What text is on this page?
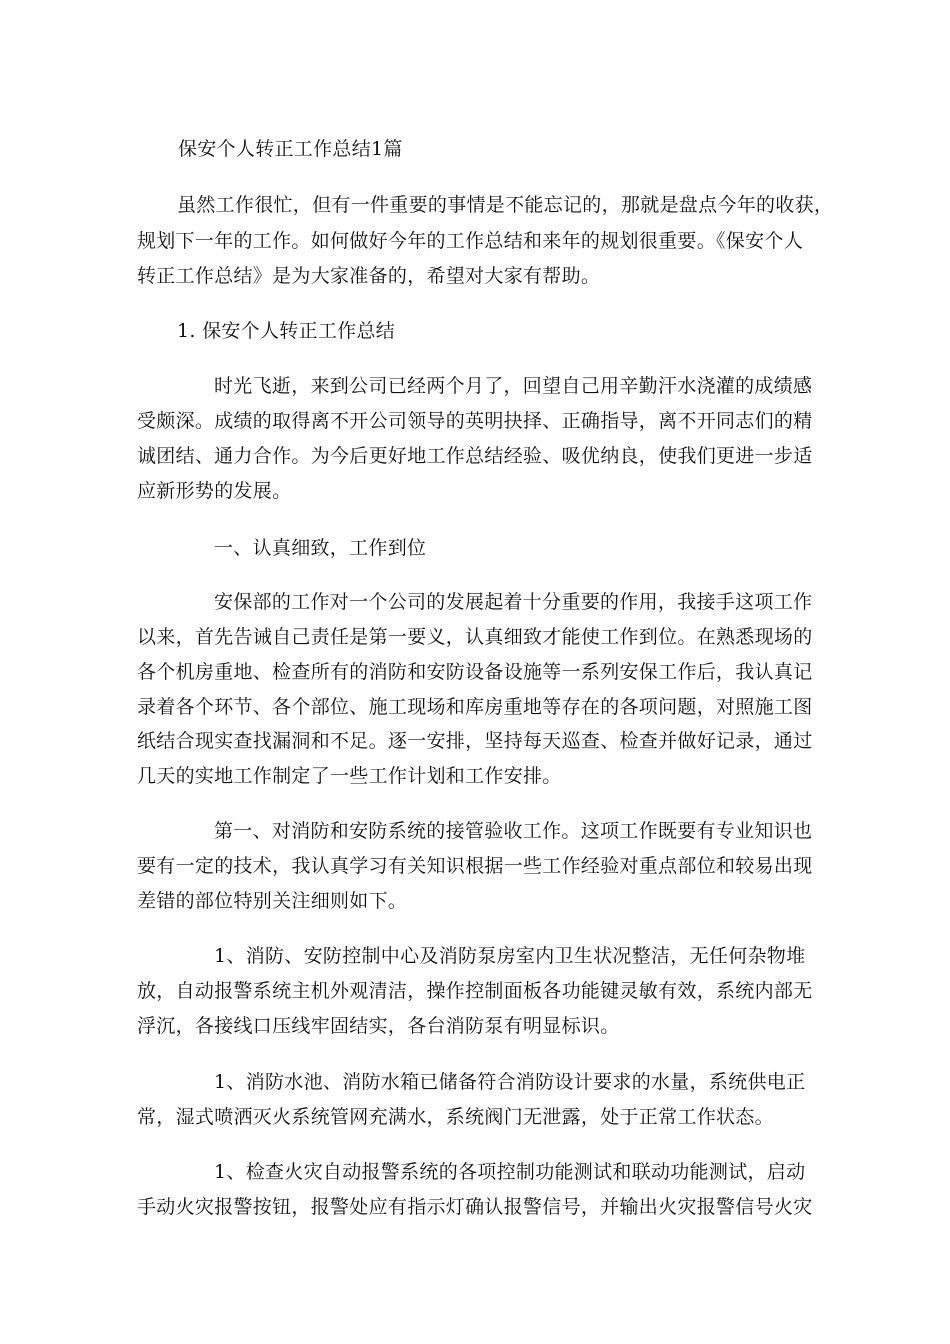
保安个人转正工作总结1篇
虽然工作很忙，但有一件重要的事情是不能忘记的，那就是盘点今年的收获，
规划下一年的工作。如何做好今年的工作总结和来年的规划很重要。《保安个人
转正工作总结》是为大家准备的，希望对大家有帮助。
1. 保安个人转正工作总结
时光飞逝，来到公司已经两个月了，回望自己用辛勤汗水浇灌的成绩感
受颇深。成绩的取得离不开公司领导的英明抉择、正确指导，离不开同志们的精
诚团结、通力合作。为今后更好地工作总结经验、吸优纳良，使我们更进一步适
应新形势的发展。
一、认真细致，工作到位
安保部的工作对一个公司的发展起着十分重要的作用，我接手这项工作
以来，首先告诫自己责任是第一要义，认真细致才能使工作到位。在熟悉现场的
各个机房重地、检查所有的消防和安防设备设施等一系列安保工作后，我认真记
录着各个环节、各个部位、施工现场和库房重地等存在的各项问题，对照施工图
纸结合现实查找漏洞和不足。逐一安排，坚持每天巡查、检查并做好记录，通过
几天的实地工作制定了一些工作计划和工作安排。
第一、对消防和安防系统的接管验收工作。这项工作既要有专业知识也
要有一定的技术，我认真学习有关知识根据一些工作经验对重点部位和较易出现
差错的部位特别关注细则如下。
1、消防、安防控制中心及消防泵房室内卫生状况整洁，无任何杂物堆
放，自动报警系统主机外观清洁，操作控制面板各功能键灵敏有效，系统内部无
浮沉，各接线口压线牢固结实，各台消防泵有明显标识。
1、消防水池、消防水箱已储备符合消防设计要求的水量，系统供电正
常，湿式喷洒灭火系统管网充满水，系统阀门无泄露，处于正常工作状态。
1、检查火灾自动报警系统的各项控制功能测试和联动功能测试，启动
手动火灾报警按钮，报警处应有指示灯确认报警信号，并输出火灾报警信号火灾
